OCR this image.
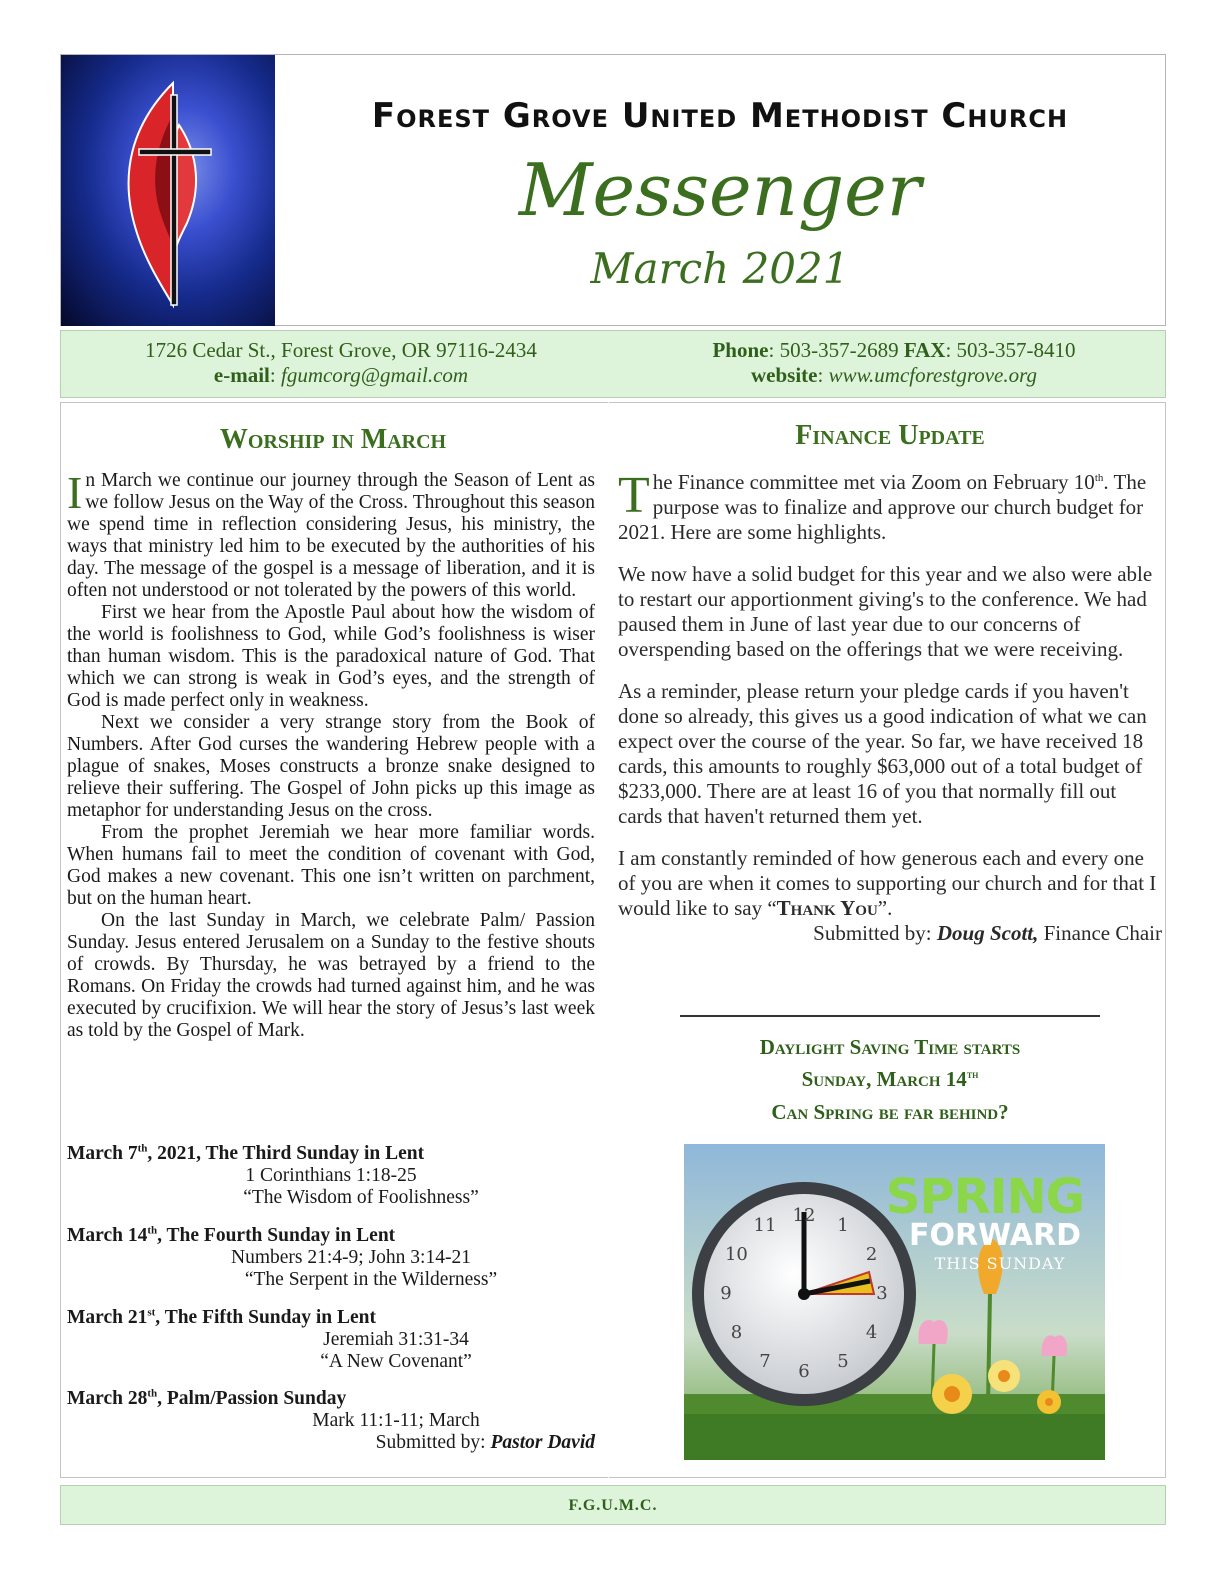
Forest Grove United Methodist Church
Messenger
March 2021
1726 Cedar St., Forest Grove, OR 97116-2434
e-mail: fgumcorg@gmail.com
Phone: 503-357-2689 FAX: 503-357-8410
website: www.umcforestgrove.org
Worship in March

In March we continue our journey through the Season of Lent as we follow Jesus on the Way of the Cross. Throughout this season we spend time in reflection considering Jesus, his ministry, the ways that ministry led him to be executed by the authorities of his day. The message of the gospel is a message of liberation, and it is often not understood or not tolerated by the powers of this world.

First we hear from the Apostle Paul about how the wisdom of the world is foolishness to God, while God’s foolishness is wiser than human wisdom. This is the paradoxical nature of God. That which we can strong is weak in God’s eyes, and the strength of God is made perfect only in weakness.

Next we consider a very strange story from the Book of Numbers. After God curses the wandering Hebrew people with a plague of snakes, Moses constructs a bronze snake designed to relieve their suffering. The Gospel of John picks up this image as metaphor for understanding Jesus on the cross.

From the prophet Jeremiah we hear more familiar words. When humans fail to meet the condition of covenant with God, God makes a new covenant. This one isn’t written on parchment, but on the human heart.

On the last Sunday in March, we celebrate Palm/ Passion Sunday. Jesus entered Jerusalem on a Sunday to the festive shouts of crowds. By Thursday, he was betrayed by a friend to the Romans. On Friday the crowds had turned against him, and he was executed by crucifixion. We will hear the story of Jesus’s last week as told by the Gospel of Mark.

March 7th, 2021, The Third Sunday in Lent
1 Corinthians 1:18-25
“The Wisdom of Foolishness”
March 14th, The Fourth Sunday in Lent
Numbers 21:4-9; John 3:14-21
“The Serpent in the Wilderness”
March 21st, The Fifth Sunday in Lent
Jeremiah 31:31-34
“A New Covenant”
March 28th, Palm/Passion Sunday
Mark 11:1-11; March
Submitted by: Pastor David
Finance Update

The Finance committee met via Zoom on February 10th. The purpose was to finalize and approve our church budget for 2021. Here are some highlights.

We now have a solid budget for this year and we also were able to restart our apportionment giving's to the conference. We had paused them in June of last year due to our concerns of overspending based on the offerings that we were receiving.

As a reminder, please return your pledge cards if you haven't done so already, this gives us a good indication of what we can expect over the course of the year. So far, we have received 18 cards, this amounts to roughly $63,000 out of a total budget of $233,000. There are at least 16 of you that normally fill out cards that haven't returned them yet.

I am constantly reminded of how generous each and every one of you are when it comes to supporting our church and for that I would like to say “Thank You”.

Submitted by: Doug Scott, Finance Chair
Daylight Saving Time starts
Sunday, March 14th
Can Spring be far behind?
SPRING
FORWARD
THIS SUNDAY
12	1
2
3
4
5
6
7
8
9
10
11
F.G.U.M.C.
